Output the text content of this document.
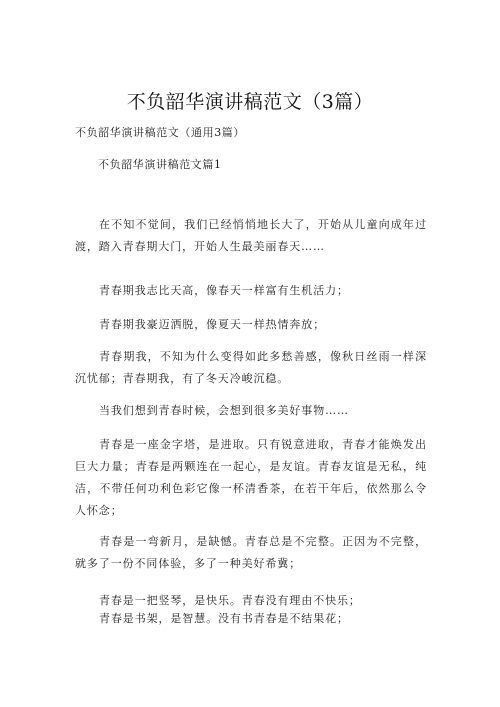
不负韶华演讲稿范文（3篇）
不负韶华演讲稿范文（通用3篇）
不负韶华演讲稿范文篇1
在不知不觉间，我们已经悄悄地长大了，开始从儿童向成年过渡，踏入青春期大门，开始人生最美丽春天……
青春期我志比天高，像春天一样富有生机活力；
青春期我豪迈洒脱，像夏天一样热情奔放；
青春期我，不知为什么变得如此多愁善感，像秋日丝雨一样深沉忧郁；青春期我，有了冬天冷峻沉稳。
当我们想到青春时候，会想到很多美好事物……
青春是一座金字塔，是进取。只有锐意进取，青春才能焕发出巨大力量；青春是两颗连在一起心，是友谊。青春友谊是无私，纯洁，不带任何功利色彩它像一杯清香茶，在若干年后，依然那么令人怀念；
青春是一弯新月，是缺憾。青春总是不完整。正因为不完整，就多了一份不同体验，多了一种美好希冀；
青春是一把竖琴，是快乐。青春没有理由不快乐；
青春是书架，是智慧。没有书青春是不结果花；
